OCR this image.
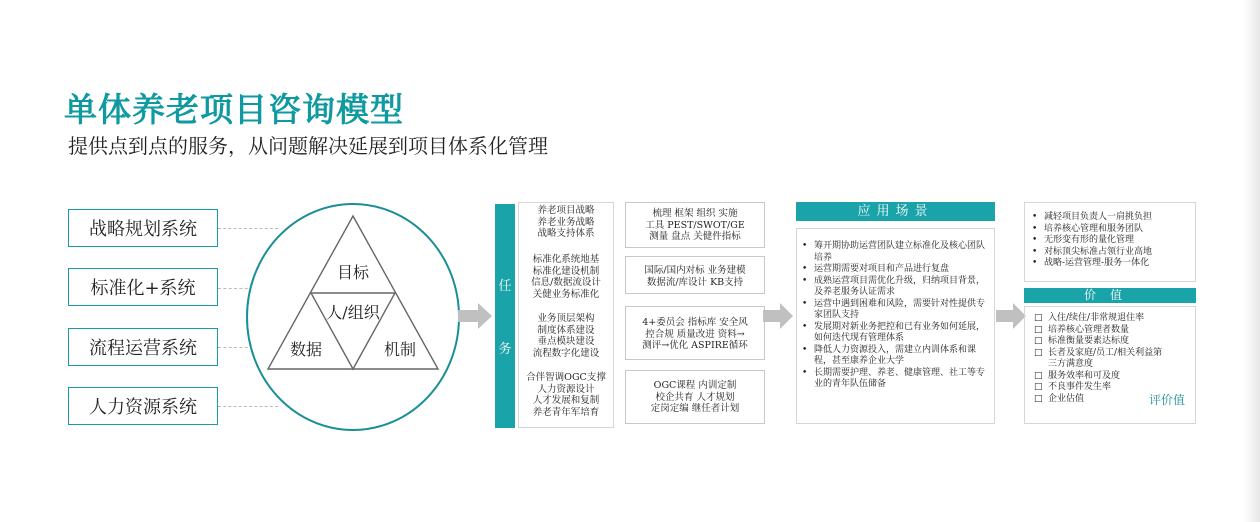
单体养老项目咨询模型
提供点到点的服务，从问题解决延展到项目体系化管理
战略规划系统
标准化+系统
流程运营系统
人力资源系统
目标
人/组织
数据	机制
任
务
养老项目战略
养老业务战略
战略支持体系
标准化系统地基
标准化建设机制
信息/数据流设计
关健业务标准化
业务顶层架构
制度体系建设
垂点模块建设
流程数字化建设
合伴智调OGC支撑
人力资源设计
人才发展和复制
养老青年军培育
梳理 框架 组织 实施
工具 PEST/SWOT/GE
测量 盘点 关健件指标
国际/国内对标 业务建模
数据流/库设计 KB支持
4+委员会 指标库 安全风
控合规 质量改进 资料→
测评→优化 ASPIRE循环
OGC课程 内训定制
校企共育 人才规划
定岗定编 继任者计划
应用场景
• 筹开期协助运营团队建立标准化及核心团队培养
• 运营期需要对项目和产品进行复盘
• 成熟运营项目需优化升级，归纳项目背景，及养老服务认证需求
• 运营中遇到困难和风险，需要针对性提供专家团队支持
• 发展期对新业务把控和已有业务如何延展，如何迭代现有管理体系
• 降低人力资源投入，需建立内训体系和课程，甚至康养企业大学
• 长期需要护理、养老、健康管理、社工等专业的青年队伍储备
• 减轻项目负责人一肩挑负担
• 培养核心管理和服务团队
• 无形变有形的量化管理
• 对标顶尖标准占领行业高地
• 战略-运营管理-服务一体化
价值
□ 入住/续住/非常规退住率
□ 培养核心管理者数量
□ 标准衡量要素达标度
□ 长者及家庭/员工/相关利益第三方满意度
□ 服务效率和可及度
□ 不良事件发生率
□ 企业估值	评价值
